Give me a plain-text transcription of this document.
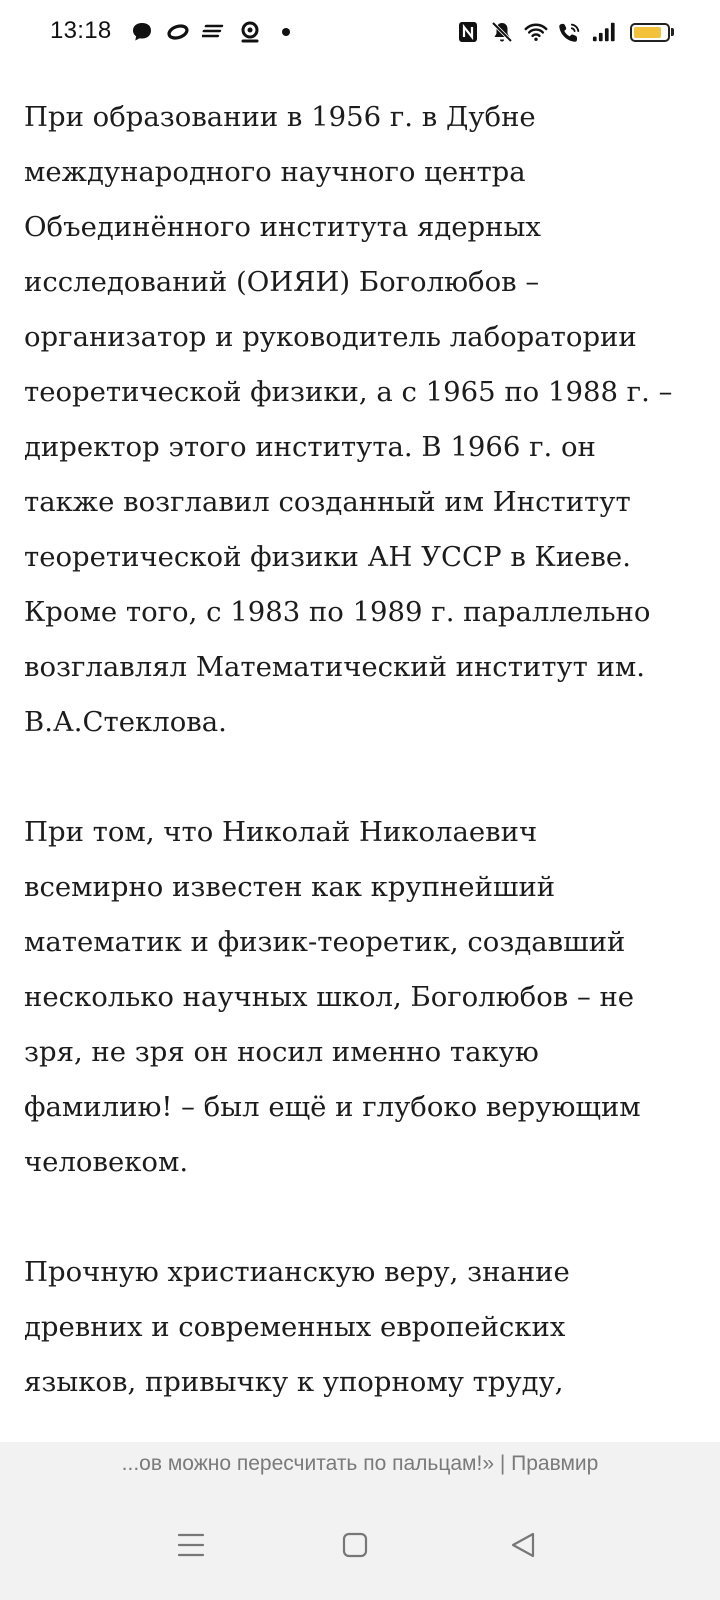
13:18

При образовании в 1956 г. в Дубне международного научного центра Объединённого института ядерных исследований (ОИЯИ) Боголюбов – организатор и руководитель лаборатории теоретической физики, а с 1965 по 1988 г. – директор этого института. В 1966 г. он также возглавил созданный им Институт теоретической физики АН УССР в Киеве. Кроме того, с 1983 по 1989 г. параллельно возглавлял Математический институт им. В.А.Стеклова.

При том, что Николай Николаевич всемирно известен как крупнейший математик и физик-теоретик, создавший несколько научных школ, Боголюбов – не зря, не зря он носил именно такую фамилию! – был ещё и глубоко верующим человеком.

Прочную христианскую веру, знание древних и современных европейских языков, привычку к упорному труду,

...ов можно пересчитать по пальцам!» | Правмир
